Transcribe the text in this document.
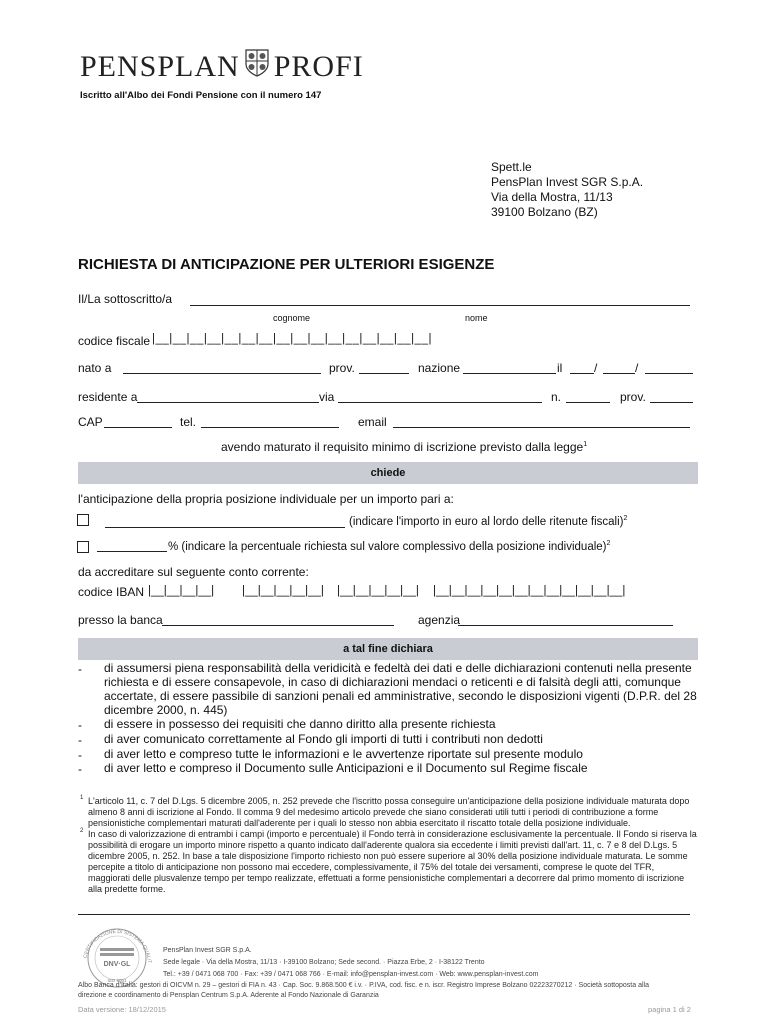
PENSPLAN PROFI
Iscritto all'Albo dei Fondi Pensione con il numero 147
Spett.le
PensPlan Invest SGR S.p.A.
Via della Mostra, 11/13
39100 Bolzano (BZ)
RICHIESTA DI ANTICIPAZIONE PER ULTERIORI ESIGENZE
Il/La sottoscritto/a
cognome	nome
codice fiscale |__|__|__|__|__|__|__|__|__|__|__|__|__|__|__|__|
nato a	prov.	nazione	il	/	/
residente a	via	n.	prov.
CAP	tel.	email
avendo maturato il requisito minimo di iscrizione previsto dalla legge$^1$
chiede
l'anticipazione della propria posizione individuale per un importo pari a:
(indicare l'importo in euro al lordo delle ritenute fiscali)$^2$
% (indicare la percentuale richiesta sul valore complessivo della posizione individuale)$^2$
da accreditare sul seguente conto corrente:
codice IBAN |__|__|__|__| |__|__|__|__|__| |__|__|__|__|__| |__|__|__|__|__|__|__|__|__|__|__|__|
presso la banca	agenzia
a tal fine dichiara
- di assumersi piena responsabilità della veridicità e fedeltà dei dati e delle dichiarazioni contenuti nella presente richiesta e di essere consapevole, in caso di dichiarazioni mendaci o reticenti e di falsità degli atti, comunque accertate, di essere passibile di sanzioni penali ed amministrative, secondo le disposizioni vigenti (D.P.R. del 28 dicembre 2000, n. 445)
- di essere in possesso dei requisiti che danno diritto alla presente richiesta
- di aver comunicato correttamente al Fondo gli importi di tutti i contributi non dedotti
- di aver letto e compreso tutte le informazioni e le avvertenze riportate sul presente modulo
- di aver letto e compreso il Documento sulle Anticipazioni e il Documento sul Regime fiscale
1 L'articolo 11, c. 7 del D.Lgs. 5 dicembre 2005, n. 252 prevede che l'iscritto possa conseguire un'anticipazione della posizione individuale maturata dopo almeno 8 anni di iscrizione al Fondo. Il comma 9 del medesimo articolo prevede che siano considerati utili tutti i periodi di contribuzione a forme pensionistiche complementari maturati dall'aderente per i quali lo stesso non abbia esercitato il riscatto totale della posizione individuale.
2 In caso di valorizzazione di entrambi i campi (importo e percentuale) il Fondo terrà in considerazione esclusivamente la percentuale. Il Fondo si riserva la possibilità di erogare un importo minore rispetto a quanto indicato dall'aderente qualora sia eccedente i limiti previsti dall'art. 11, c. 7 e 8 del D.Lgs. 5 dicembre 2005, n. 252. In base a tale disposizione l'importo richiesto non può essere superiore al 30% della posizione individuale maturata. Le somme percepite a titolo di anticipazione non possono mai eccedere, complessivamente, il 75% del totale dei versamenti, comprese le quote del TFR, maggiorati delle plusvalenze tempo per tempo realizzate, effettuati a forme pensionistiche complementari a decorrere dal primo momento di iscrizione alla predette forme.
CERTIFICAZIONE DI SISTEMA QUALIT
DNV·GL
ISO 9001
PensPlan Invest SGR S.p.A.
Sede legale · Via della Mostra, 11/13 · I-39100 Bolzano; Sede second. · Piazza Erbe, 2 · I-38122 Trento
Tel.: +39 / 0471 068 700 · Fax: +39 / 0471 068 766 · E-mail: info@pensplan-invest.com · Web: www.pensplan-invest.com
Albo Banca d'Italia: gestori di OICVM n. 29 – gestori di FIA n. 43 · Cap. Soc. 9.868.500 € i.v. · P.IVA, cod. fisc. e n. iscr. Registro Imprese Bolzano 02223270212 · Società sottoposta alla
direzione e coordinamento di Pensplan Centrum S.p.A. Aderente al Fondo Nazionale di Garanzia
Data versione: 18/12/2015	pagina 1 di 2
